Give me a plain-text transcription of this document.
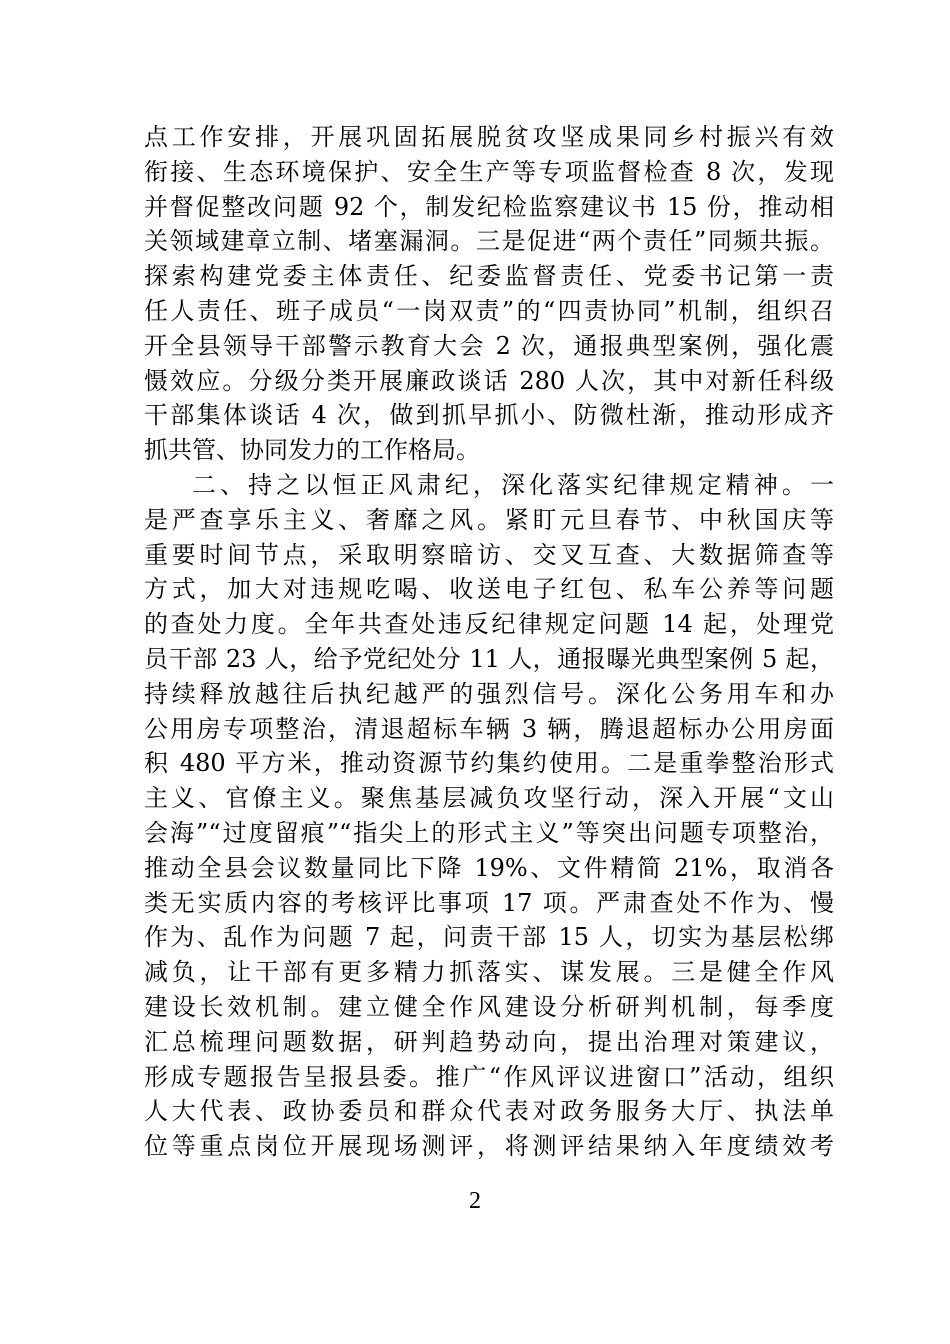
点工作安排，开展巩固拓展脱贫攻坚成果同乡村振兴有效
衔接、生态环境保护、安全生产等专项监督检查 8 次，发现
并督促整改问题 92 个，制发纪检监察建议书 15 份，推动相
关领域建章立制、堵塞漏洞。三是促进“两个责任”同频共振。
探索构建党委主体责任、纪委监督责任、党委书记第一责
任人责任、班子成员“一岗双责”的“四责协同”机制，组织召
开全县领导干部警示教育大会 2 次，通报典型案例，强化震
慑效应。分级分类开展廉政谈话 280 人次，其中对新任科级
干部集体谈话 4 次，做到抓早抓小、防微杜渐，推动形成齐
抓共管、协同发力的工作格局。
二、持之以恒正风肃纪，深化落实纪律规定精神。一
是严查享乐主义、奢靡之风。紧盯元旦春节、中秋国庆等
重要时间节点，采取明察暗访、交叉互查、大数据筛查等
方式，加大对违规吃喝、收送电子红包、私车公养等问题
的查处力度。全年共查处违反纪律规定问题 14 起，处理党
员干部 23 人，给予党纪处分 11 人，通报曝光典型案例 5 起，
持续释放越往后执纪越严的强烈信号。深化公务用车和办
公用房专项整治，清退超标车辆 3 辆，腾退超标办公用房面
积 480 平方米，推动资源节约集约使用。二是重拳整治形式
主义、官僚主义。聚焦基层减负攻坚行动，深入开展“文山
会海”“过度留痕”“指尖上的形式主义”等突出问题专项整治，
推动全县会议数量同比下降 19%、文件精简 21%，取消各
类无实质内容的考核评比事项 17 项。严肃查处不作为、慢
作为、乱作为问题 7 起，问责干部 15 人，切实为基层松绑
减负，让干部有更多精力抓落实、谋发展。三是健全作风
建设长效机制。建立健全作风建设分析研判机制，每季度
汇总梳理问题数据，研判趋势动向，提出治理对策建议，
形成专题报告呈报县委。推广“作风评议进窗口”活动，组织
人大代表、政协委员和群众代表对政务服务大厅、执法单
位等重点岗位开展现场测评，将测评结果纳入年度绩效考
2
